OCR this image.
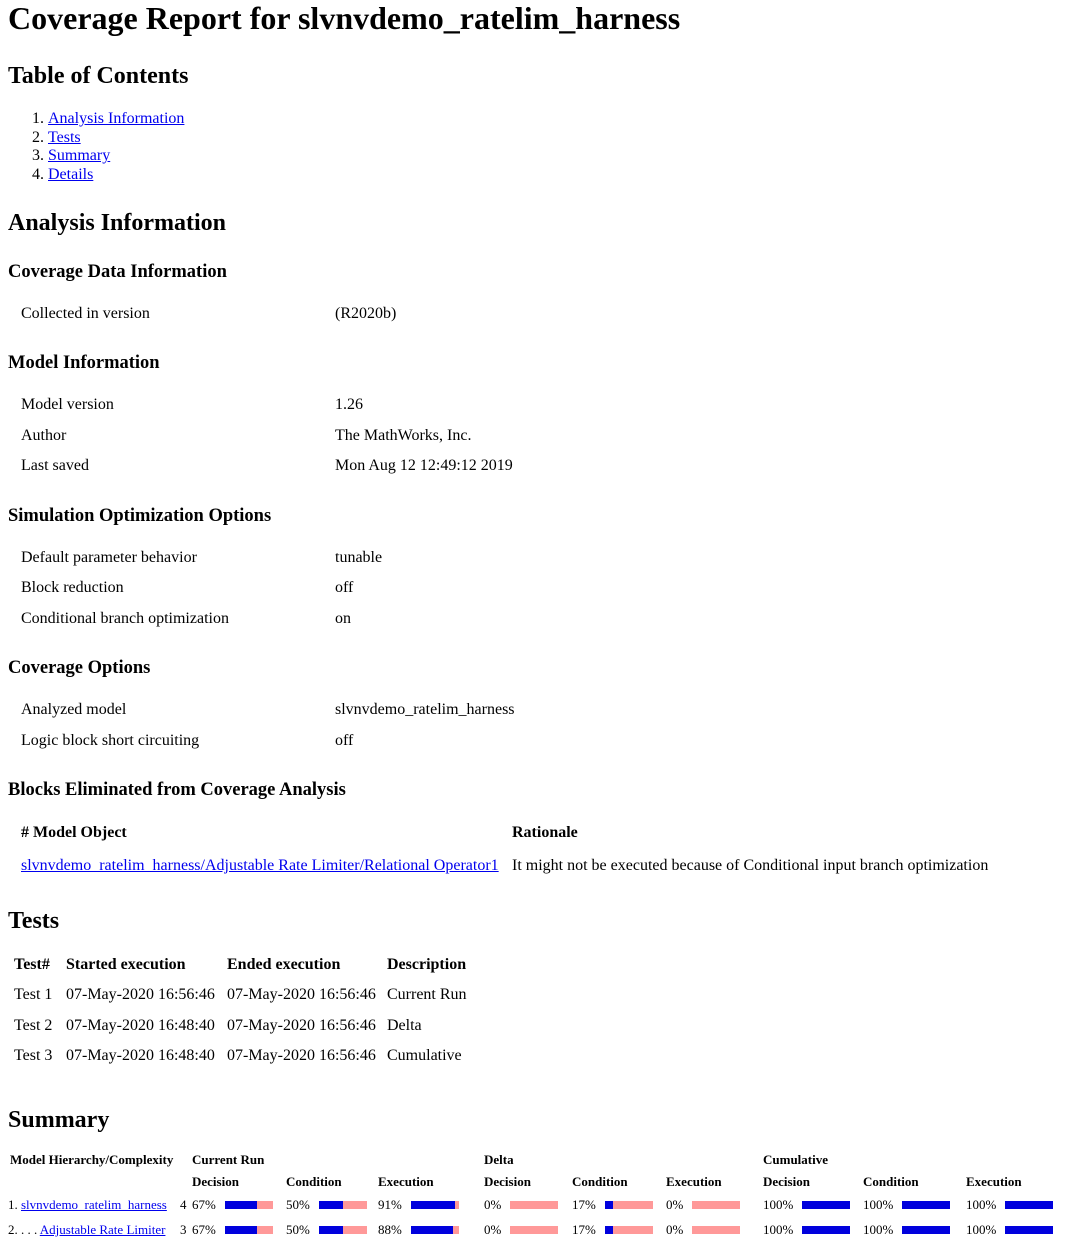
Coverage Report for slvnvdemo_ratelim_harness
Table of Contents
1. Analysis Information
2. Tests
3. Summary
4. Details
Analysis Information
Coverage Data Information
Collected in version	(R2020b)
Model Information
Model version	1.26
Author	The MathWorks, Inc.
Last saved	Mon Aug 12 12:49:12 2019
Simulation Optimization Options
Default parameter behavior	tunable
Block reduction	off
Conditional branch optimization	on
Coverage Options
Analyzed model	slvnvdemo_ratelim_harness
Logic block short circuiting	off
Blocks Eliminated from Coverage Analysis
# Model Object	Rationale
slvnvdemo_ratelim_harness/Adjustable Rate Limiter/Relational Operator1	It might not be executed because of Conditional input branch optimization
Tests
Test#	Started execution	Ended execution	Description
Test 1	07-May-2020 16:56:46	07-May-2020 16:56:46	Current Run
Test 2	07-May-2020 16:48:40	07-May-2020 16:56:46	Delta
Test 3	07-May-2020 16:48:40	07-May-2020 16:56:46	Cumulative
Summary
Model Hierarchy/Complexity		Current Run			Delta			Cumulative		
		Decision	Condition	Execution	Decision	Condition	Execution	Decision	Condition	Execution
1. slvnvdemo_ratelim_harness	4	67%	50%	91%	0%	17%	0%	100%	100%	100%

2. . . . Adjustable Rate Limiter	3	67%	50%	88%	0%	17%	0%	100%	100%	100%
